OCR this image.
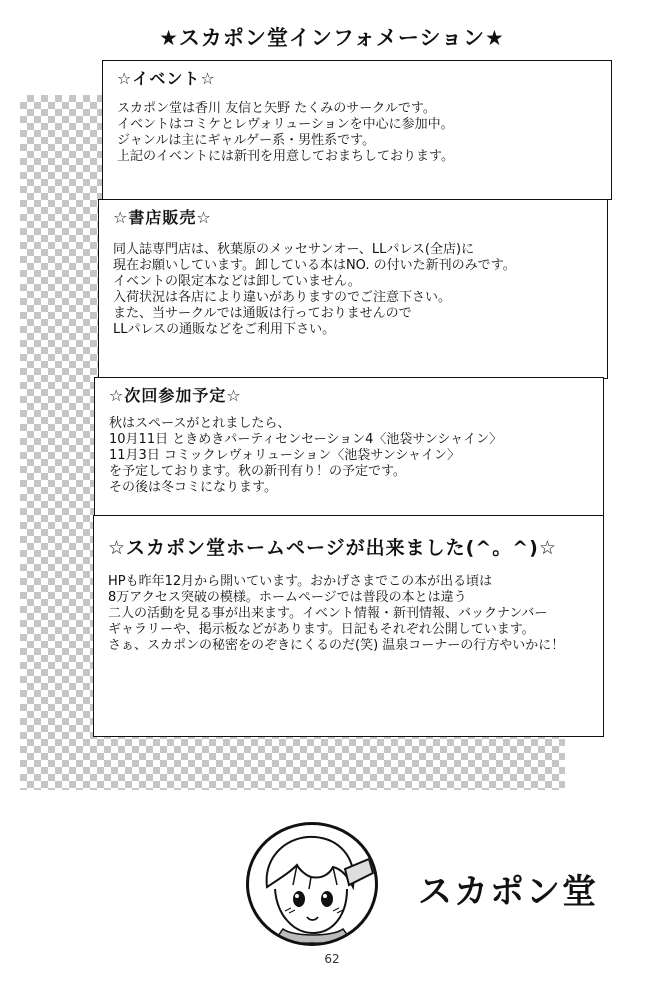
★スカポン堂インフォメーション★
☆イベント☆
スカポン堂は香川 友信と矢野 たくみのサークルです。
イベントはコミケとレヴォリューションを中心に参加中。
ジャンルは主にギャルゲー系・男性系です。
上記のイベントには新刊を用意しておまちしております。
☆書店販売☆
同人誌専門店は、秋葉原のメッセサンオー、LLパレス(全店)に
現在お願いしています。卸している本はNO. の付いた新刊のみです。
イベントの限定本などは卸していません。
入荷状況は各店により違いがありますのでご注意下さい。
また、当サークルでは通販は行っておりませんので
LLパレスの通販などをご利用下さい。
☆次回参加予定☆
秋はスペースがとれましたら、
10月11日 ときめきパーティセンセーション4〈池袋サンシャイン〉
11月3日 コミックレヴォリューション〈池袋サンシャイン〉
を予定しております。秋の新刊有り！の予定です。
その後は冬コミになります。
☆スカポン堂ホームページが出来ました(^。^)☆
HPも昨年12月から開いています。おかげさまでこの本が出る頃は
8万アクセス突破の模様。ホームページでは普段の本とは違う
二人の活動を見る事が出来ます。イベント情報・新刊情報、バックナンバー
ギャラリーや、掲示板などがあります。日記もそれぞれ公開しています。
さぁ、スカポンの秘密をのぞきにくるのだ(笑) 温泉コーナーの行方やいかに！
スカポン堂
62
